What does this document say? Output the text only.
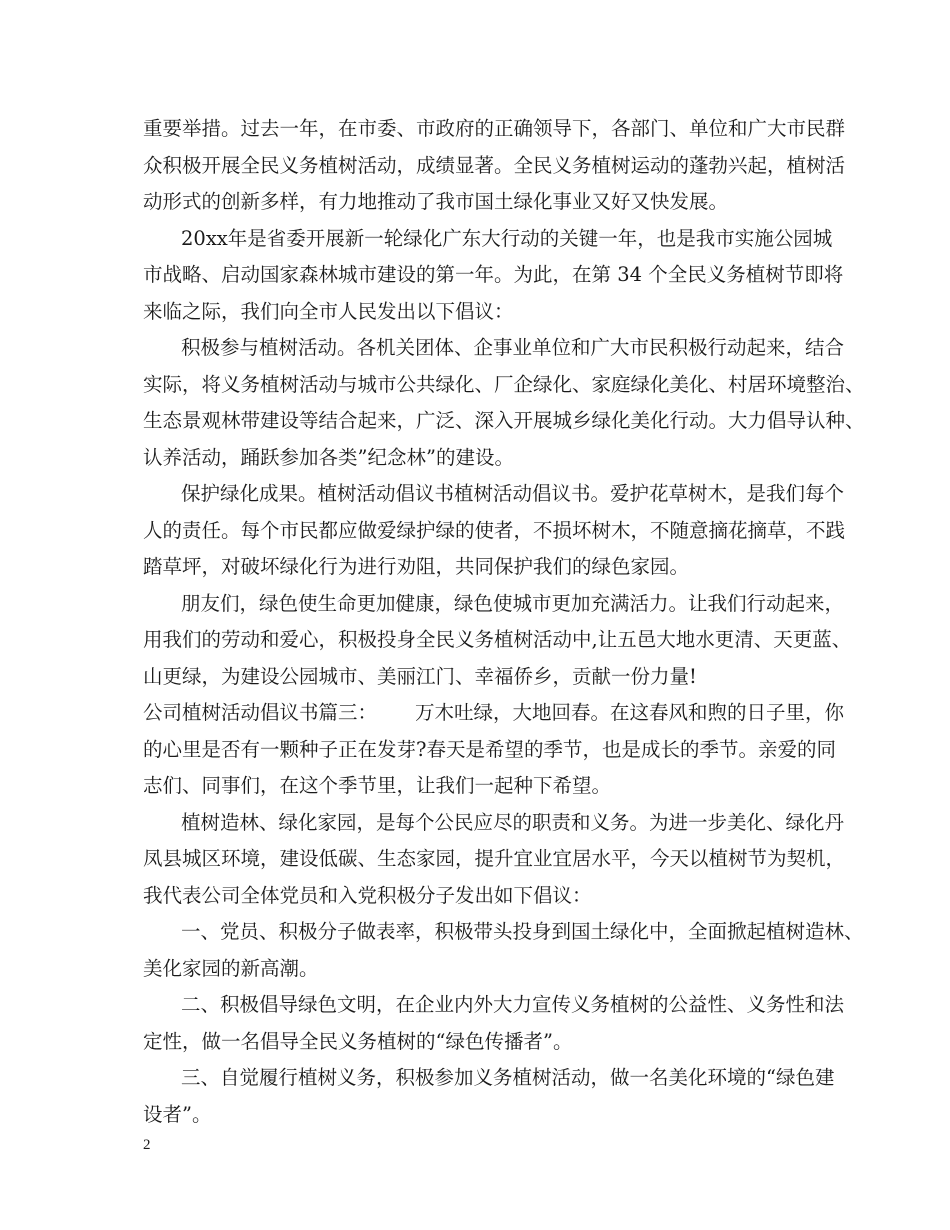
重要举措。过去一年，在市委、市政府的正确领导下，各部门、单位和广大市民群
众积极开展全民义务植树活动，成绩显著。全民义务植树运动的蓬勃兴起，植树活
动形式的创新多样，有力地推动了我市国土绿化事业又好又快发展。
20xx年是省委开展新一轮绿化广东大行动的关键一年，也是我市实施公园城
市战略、启动国家森林城市建设的第一年。为此，在第 34 个全民义务植树节即将
来临之际，我们向全市人民发出以下倡议：
积极参与植树活动。各机关团体、企事业单位和广大市民积极行动起来，结合
实际，将义务植树活动与城市公共绿化、厂企绿化、家庭绿化美化、村居环境整治、
生态景观林带建设等结合起来，广泛、深入开展城乡绿化美化行动。大力倡导认种、
认养活动，踊跃参加各类”纪念林”的建设。
保护绿化成果。植树活动倡议书植树活动倡议书。爱护花草树木，是我们每个
人的责任。每个市民都应做爱绿护绿的使者，不损坏树木，不随意摘花摘草，不践
踏草坪，对破坏绿化行为进行劝阻，共同保护我们的绿色家园。
朋友们，绿色使生命更加健康，绿色使城市更加充满活力。让我们行动起来，
用我们的劳动和爱心，积极投身全民义务植树活动中,让五邑大地水更清、天更蓝、
山更绿，为建设公园城市、美丽江门、幸福侨乡，贡献一份力量!
公司植树活动倡议书篇三： 万木吐绿，大地回春。在这春风和煦的日子里，你
的心里是否有一颗种子正在发芽?春天是希望的季节，也是成长的季节。亲爱的同
志们、同事们，在这个季节里，让我们一起种下希望。
植树造林、绿化家园，是每个公民应尽的职责和义务。为进一步美化、绿化丹
凤县城区环境，建设低碳、生态家园，提升宜业宜居水平，今天以植树节为契机，
我代表公司全体党员和入党积极分子发出如下倡议：
一、党员、积极分子做表率，积极带头投身到国土绿化中，全面掀起植树造林、
美化家园的新高潮。
二、积极倡导绿色文明，在企业内外大力宣传义务植树的公益性、义务性和法
定性，做一名倡导全民义务植树的“绿色传播者”。
三、自觉履行植树义务，积极参加义务植树活动，做一名美化环境的“绿色建
设者”。
2
